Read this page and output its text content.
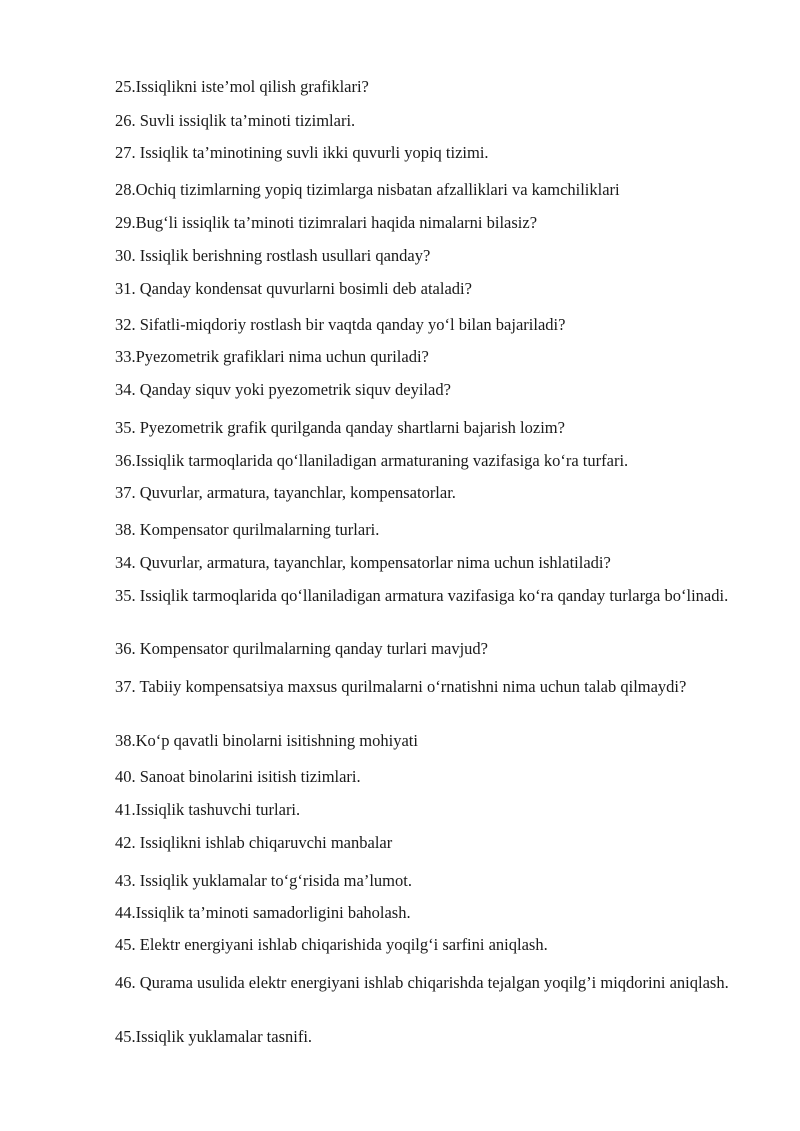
25.Issiqlikni iste’mol qilish grafiklari?

26. Suvli issiqlik ta’minoti tizimlari.

27. Issiqlik ta’minotining suvli ikki quvurli yopiq tizimi.

28.Ochiq tizimlarning yopiq tizimlarga nisbatan afzalliklari va kamchiliklari

29.Bug‘li issiqlik ta’minoti tizimralari haqida nimalarni bilasiz?

30. Issiqlik berishning rostlash usullari qanday?

31. Qanday kondensat quvurlarni bosimli deb ataladi?

32. Sifatli-miqdoriy rostlash bir vaqtda qanday yo‘l bilan bajariladi?

33.Pyezometrik grafiklari nima uchun quriladi?

34. Qanday siquv yoki pyezometrik siquv deyilad?

35. Pyezometrik grafik qurilganda qanday shartlarni bajarish lozim?

36.Issiqlik tarmoqlarida qo‘llaniladigan armaturaning vazifasiga ko‘ra turfari.

37. Quvurlar, armatura, tayanchlar, kompensatorlar.

38. Kompensator qurilmalarning turlari.

34. Quvurlar, armatura, tayanchlar, kompensatorlar nima uchun ishlatiladi?

35. Issiqlik tarmoqlarida qo‘llaniladigan armatura vazifasiga ko‘ra qanday turlarga bo‘linadi.

36. Kompensator qurilmalarning qanday turlari mavjud?

37. Tabiiy kompensatsiya maxsus qurilmalarni o‘rnatishni nima uchun talab qilmaydi?

38.Ko‘p qavatli binolarni isitishning mohiyati

40. Sanoat binolarini isitish tizimlari.

41.Issiqlik tashuvchi turlari.

42. Issiqlikni ishlab chiqaruvchi manbalar

43. Issiqlik yuklamalar to‘g‘risida ma’lumot.

44.Issiqlik ta’minoti samadorligini baholash.

45. Elektr energiyani ishlab chiqarishida yoqilg‘i sarfini aniqlash.

46. Qurama usulida elektr energiyani ishlab chiqarishda tejalgan yoqilg’i miqdorini aniqlash.

45.Issiqlik yuklamalar tasnifi.
